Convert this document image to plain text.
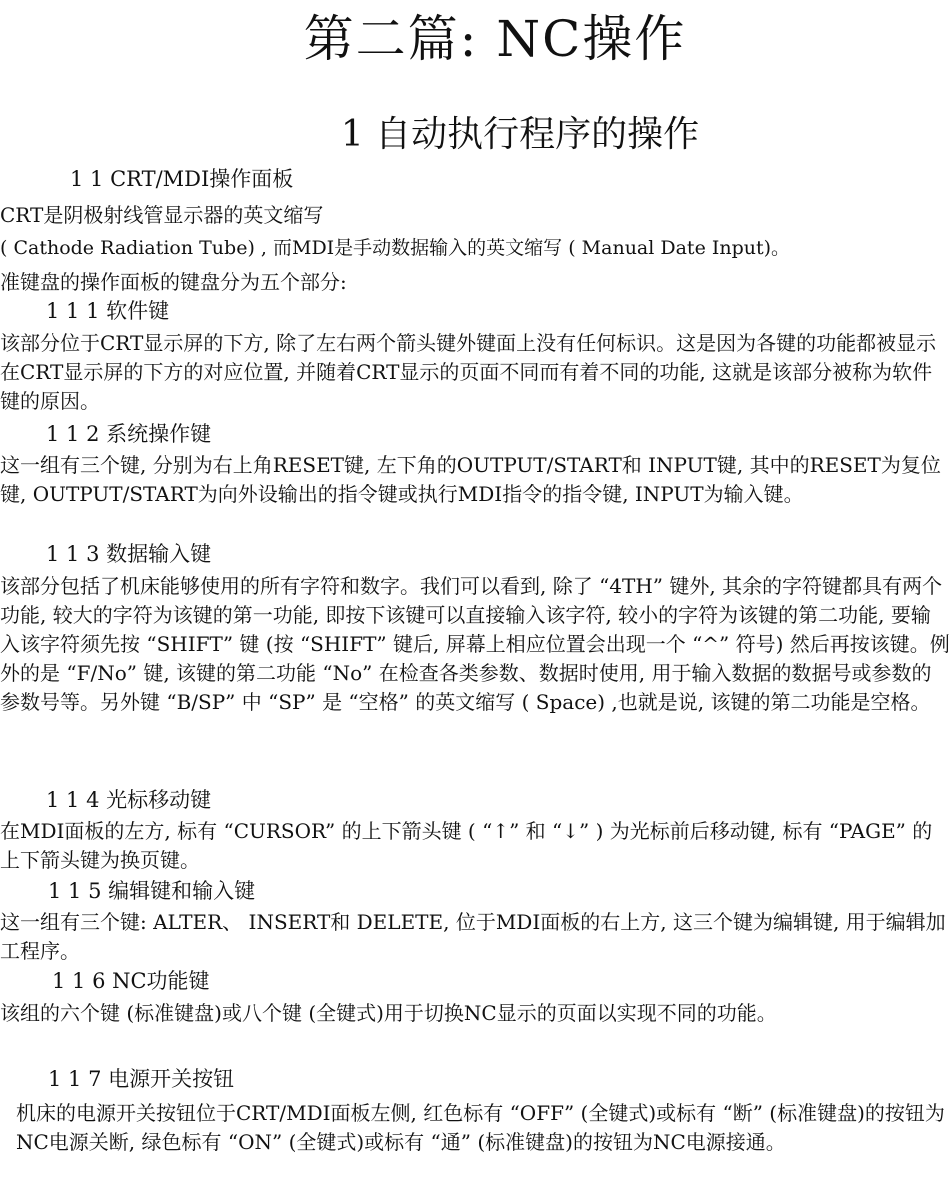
第二篇: NC操作
1 自动执行程序的操作
1 1 CRT/MDI操作面板

CRT是阴极射线管显示器的英文缩写

( Cathode Radiation Tube) , 而MDI是手动数据输入的英文缩写 ( Manual Date Input)。

准键盘的操作面板的键盘分为五个部分:

1 1 1 软件键

该部分位于CRT显示屏的下方, 除了左右两个箭头键外键面上没有任何标识。这是因为各键的功能都被显示在CRT显示屏的下方的对应位置, 并随着CRT显示的页面不同而有着不同的功能, 这就是该部分被称为软件键的原因。

1 1 2 系统操作键

这一组有三个键, 分别为右上角RESET键, 左下角的OUTPUT/START和 INPUT键, 其中的RESET为复位键, OUTPUT/START为向外设输出的指令键或执行MDI指令的指令键, INPUT为输入键。

1 1 3 数据输入键

该部分包括了机床能够使用的所有字符和数字。我们可以看到, 除了 “4TH” 键外, 其余的字符键都具有两个功能, 较大的字符为该键的第一功能, 即按下该键可以直接输入该字符, 较小的字符为该键的第二功能, 要输入该字符须先按 “SHIFT” 键 (按 “SHIFT” 键后, 屏幕上相应位置会出现一个 “^” 符号) 然后再按该键。例外的是 “F/No” 键, 该键的第二功能 “No” 在检查各类参数、数据时使用, 用于输入数据的数据号或参数的参数号等。另外键 “B/SP” 中 “SP” 是 “空格” 的英文缩写 ( Space) ,也就是说, 该键的第二功能是空格。

1 1 4 光标移动键

在MDI面板的左方, 标有 “CURSOR” 的上下箭头键 ( “↑” 和 “↓” ) 为光标前后移动键, 标有 “PAGE” 的上下箭头键为换页键。

1 1 5 编辑键和输入键

这一组有三个键: ALTER、 INSERT和 DELETE, 位于MDI面板的右上方, 这三个键为编辑键, 用于编辑加工程序。

1 1 6 NC功能键

该组的六个键 (标准键盘)或八个键 (全键式)用于切换NC显示的页面以实现不同的功能。

1 1 7 电源开关按钮

机床的电源开关按钮位于CRT/MDI面板左侧, 红色标有 “OFF” (全键式)或标有 “断” (标准键盘)的按钮为NC电源关断, 绿色标有 “ON” (全键式)或标有 “通” (标准键盘)的按钮为NC电源接通。
